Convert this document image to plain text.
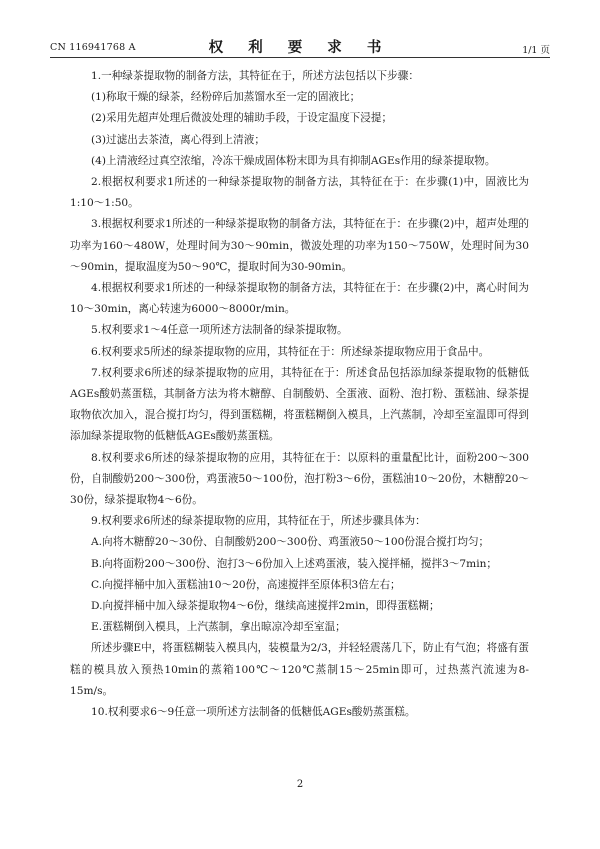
CN 116941768 A	权 利 要 求 书	1/1 页

1.一种绿茶提取物的制备方法，其特征在于，所述方法包括以下步骤：

(1)称取干燥的绿茶，经粉碎后加蒸馏水至一定的固液比；

(2)采用先超声处理后微波处理的辅助手段，于设定温度下浸提；

(3)过滤出去茶渣，离心得到上清液；

(4)上清液经过真空浓缩，冷冻干燥成固体粉末即为具有抑制AGEs作用的绿茶提取物。

2.根据权利要求1所述的一种绿茶提取物的制备方法，其特征在于：在步骤(1)中，固液比为1:10～1:50。

3.根据权利要求1所述的一种绿茶提取物的制备方法，其特征在于：在步骤(2)中，超声处理的功率为160～480W，处理时间为30～90min，微波处理的功率为150～750W，处理时间为30～90min，提取温度为50～90℃，提取时间为30-90min。

4.根据权利要求1所述的一种绿茶提取物的制备方法，其特征在于：在步骤(2)中，离心时间为10～30min，离心转速为6000～8000r/min。

5.权利要求1～4任意一项所述方法制备的绿茶提取物。

6.权利要求5所述的绿茶提取物的应用，其特征在于：所述绿茶提取物应用于食品中。

7.权利要求6所述的绿茶提取物的应用，其特征在于：所述食品包括添加绿茶提取物的低糖低AGEs酸奶蒸蛋糕，其制备方法为将木糖醇、自制酸奶、全蛋液、面粉、泡打粉、蛋糕油、绿茶提取物依次加入，混合搅打均匀，得到蛋糕糊，将蛋糕糊倒入模具，上汽蒸制，冷却至室温即可得到添加绿茶提取物的低糖低AGEs酸奶蒸蛋糕。

8.权利要求6所述的绿茶提取物的应用，其特征在于：以原料的重量配比计，面粉200～300份，自制酸奶200～300份，鸡蛋液50～100份，泡打粉3～6份，蛋糕油10～20份，木糖醇20～30份，绿茶提取物4～6份。

9.权利要求6所述的绿茶提取物的应用，其特征在于，所述步骤具体为：

A.向将木糖醇20～30份、自制酸奶200～300份、鸡蛋液50～100份混合搅打均匀；

B.向将面粉200～300份、泡打3～6份加入上述鸡蛋液，装入搅拌桶，搅拌3～7min；

C.向搅拌桶中加入蛋糕油10～20份，高速搅拌至原体积3倍左右；

D.向搅拌桶中加入绿茶提取物4～6份，继续高速搅拌2min，即得蛋糕糊；

E.蛋糕糊倒入模具，上汽蒸制，拿出晾凉冷却至室温；

所述步骤E中，将蛋糕糊装入模具内，装模量为2/3，并轻轻震荡几下，防止有气泡；将盛有蛋糕的模具放入预热10min的蒸箱100℃～120℃蒸制15～25min即可，过热蒸汽流速为8-15m/s。

10.权利要求6～9任意一项所述方法制备的低糖低AGEs酸奶蒸蛋糕。

2
